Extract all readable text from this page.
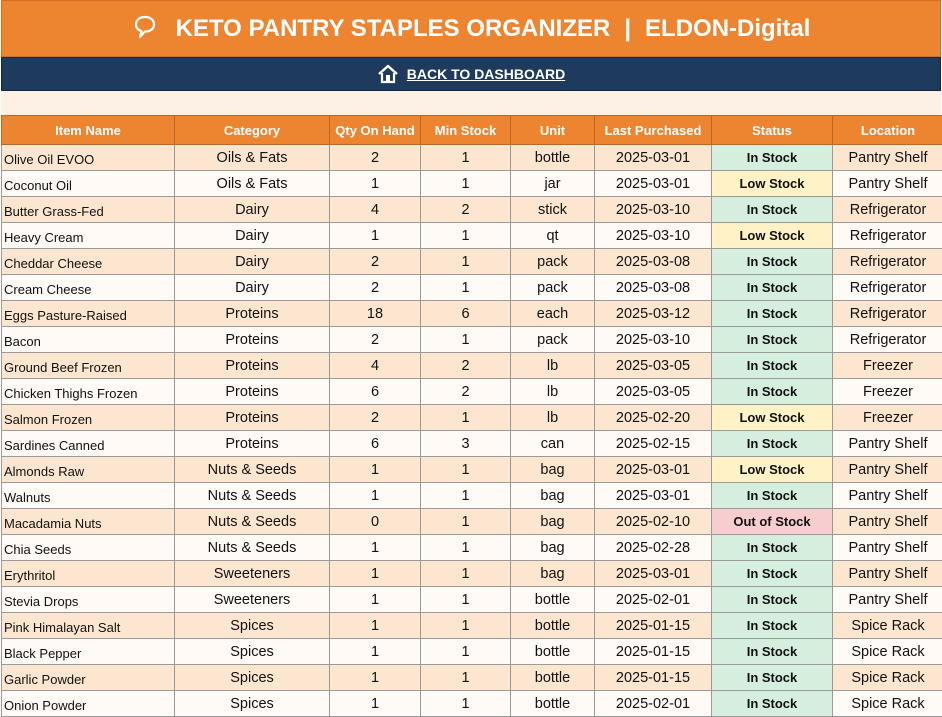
KETO PANTRY STAPLES ORGANIZER | ELDON-Digital
BACK TO DASHBOARD
Item Name	Category	Qty On Hand	Min Stock	Unit	Last Purchased	Status	Location
Olive Oil EVOO	Oils & Fats	2	1	bottle	2025-03-01	In Stock	Pantry Shelf
Coconut Oil	Oils & Fats	1	1	jar	2025-03-01	Low Stock	Pantry Shelf
Butter Grass-Fed	Dairy	4	2	stick	2025-03-10	In Stock	Refrigerator
Heavy Cream	Dairy	1	1	qt	2025-03-10	Low Stock	Refrigerator
Cheddar Cheese	Dairy	2	1	pack	2025-03-08	In Stock	Refrigerator
Cream Cheese	Dairy	2	1	pack	2025-03-08	In Stock	Refrigerator
Eggs Pasture-Raised	Proteins	18	6	each	2025-03-12	In Stock	Refrigerator
Bacon	Proteins	2	1	pack	2025-03-10	In Stock	Refrigerator
Ground Beef Frozen	Proteins	4	2	lb	2025-03-05	In Stock	Freezer
Chicken Thighs Frozen	Proteins	6	2	lb	2025-03-05	In Stock	Freezer
Salmon Frozen	Proteins	2	1	lb	2025-02-20	Low Stock	Freezer
Sardines Canned	Proteins	6	3	can	2025-02-15	In Stock	Pantry Shelf
Almonds Raw	Nuts & Seeds	1	1	bag	2025-03-01	Low Stock	Pantry Shelf
Walnuts	Nuts & Seeds	1	1	bag	2025-03-01	In Stock	Pantry Shelf
Macadamia Nuts	Nuts & Seeds	0	1	bag	2025-02-10	Out of Stock	Pantry Shelf
Chia Seeds	Nuts & Seeds	1	1	bag	2025-02-28	In Stock	Pantry Shelf
Erythritol	Sweeteners	1	1	bag	2025-03-01	In Stock	Pantry Shelf
Stevia Drops	Sweeteners	1	1	bottle	2025-02-01	In Stock	Pantry Shelf
Pink Himalayan Salt	Spices	1	1	bottle	2025-01-15	In Stock	Spice Rack
Black Pepper	Spices	1	1	bottle	2025-01-15	In Stock	Spice Rack
Garlic Powder	Spices	1	1	bottle	2025-01-15	In Stock	Spice Rack
Onion Powder	Spices	1	1	bottle	2025-02-01	In Stock	Spice Rack
